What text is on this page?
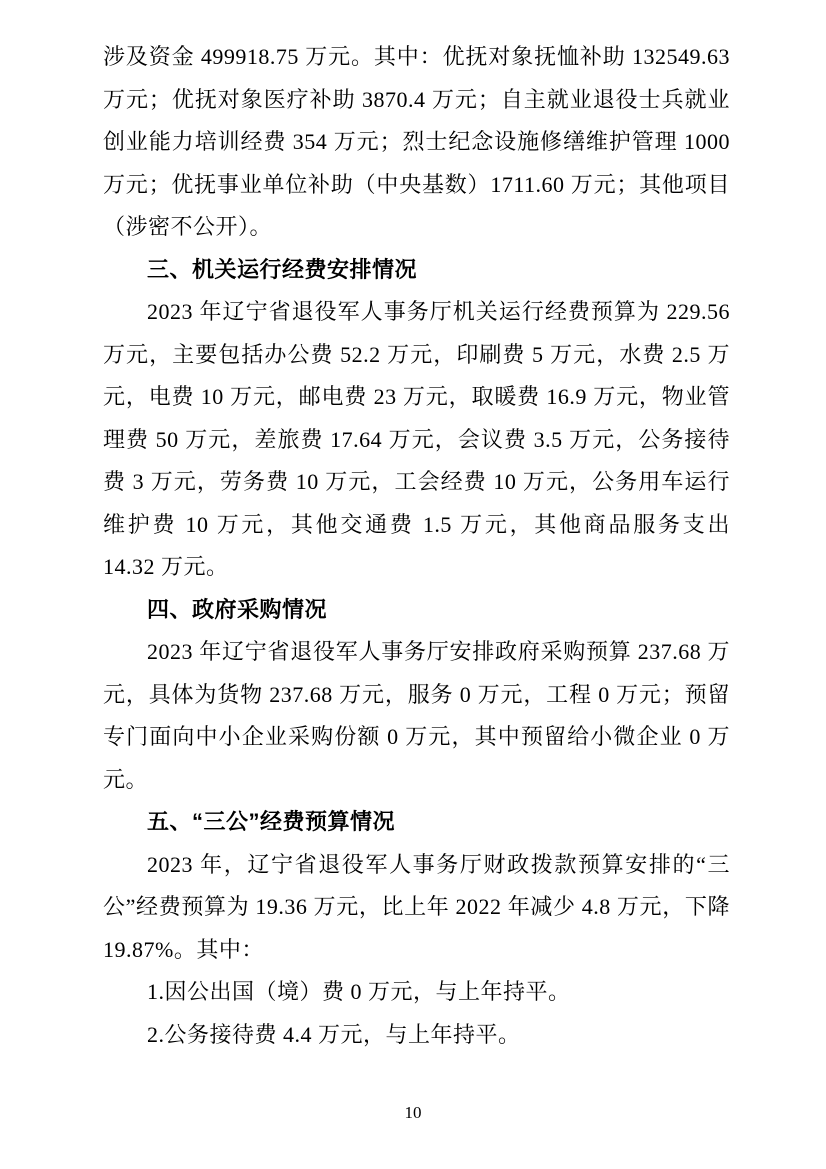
涉及资金 499918.75 万元。其中：优抚对象抚恤补助 132549.63 万元；优抚对象医疗补助 3870.4 万元；自主就业退役士兵就业创业能力培训经费 354 万元；烈士纪念设施修缮维护管理 1000 万元；优抚事业单位补助（中央基数）1711.60 万元；其他项目（涉密不公开）。

三、机关运行经费安排情况

2023 年辽宁省退役军人事务厅机关运行经费预算为 229.56 万元，主要包括办公费 52.2 万元，印刷费 5 万元，水费 2.5 万元，电费 10 万元，邮电费 23 万元，取暖费 16.9 万元，物业管理费 50 万元，差旅费 17.64 万元，会议费 3.5 万元，公务接待费 3 万元，劳务费 10 万元，工会经费 10 万元，公务用车运行维护费 10 万元，其他交通费 1.5 万元，其他商品服务支出 14.32 万元。

四、政府采购情况

2023 年辽宁省退役军人事务厅安排政府采购预算 237.68 万元，具体为货物 237.68 万元，服务 0 万元，工程 0 万元；预留专门面向中小企业采购份额 0 万元，其中预留给小微企业 0 万元。

五、“三公”经费预算情况

2023 年，辽宁省退役军人事务厅财政拨款预算安排的“三公”经费预算为 19.36 万元，比上年 2022 年减少 4.8 万元，下降 19.87%。其中：

1.因公出国（境）费 0 万元，与上年持平。

2.公务接待费 4.4 万元，与上年持平。

10
